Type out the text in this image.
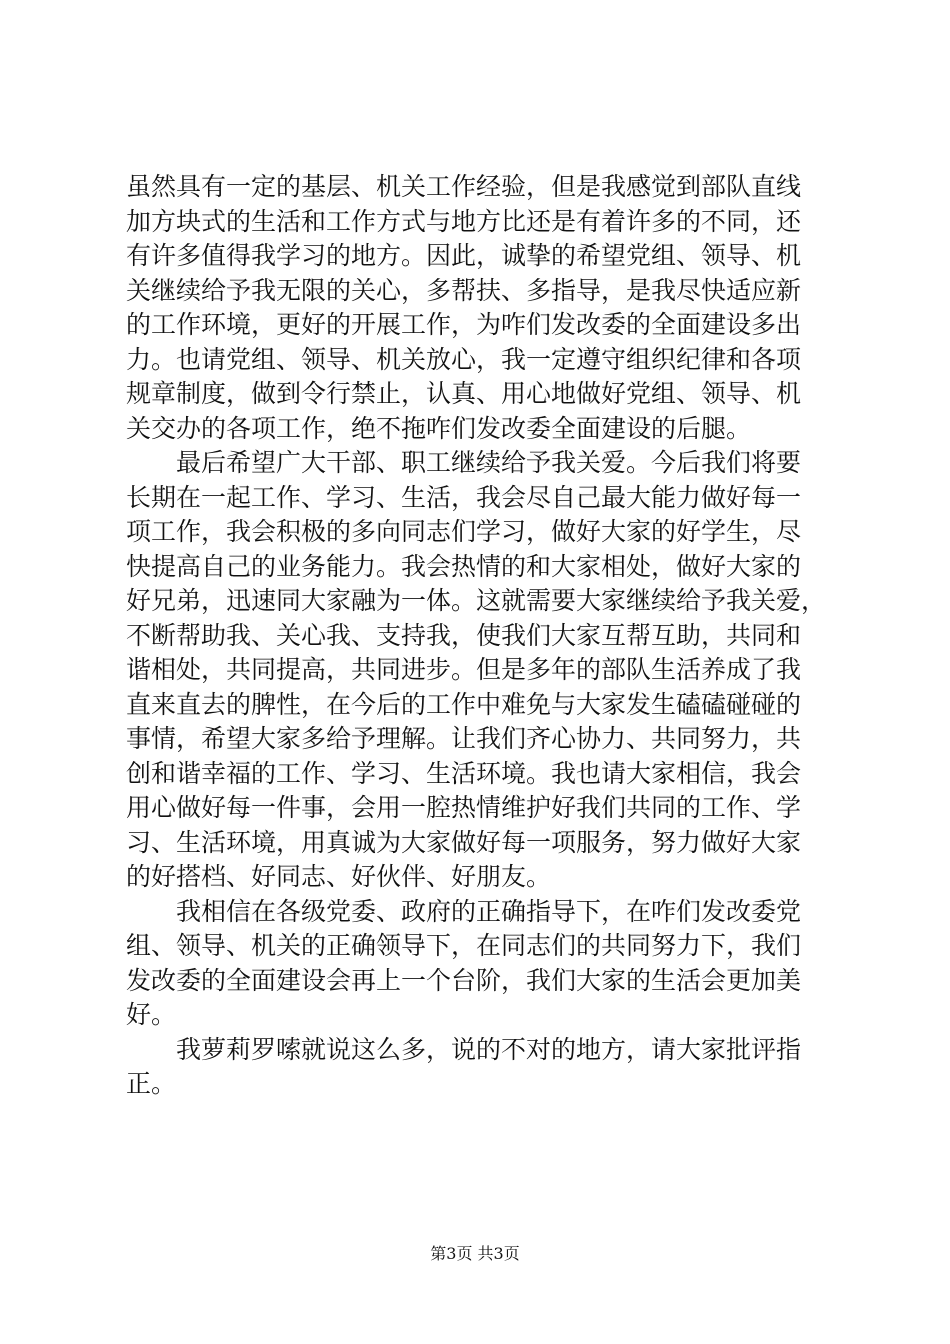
虽然具有一定的基层、机关工作经验，但是我感觉到部队直线
加方块式的生活和工作方式与地方比还是有着许多的不同，还
有许多值得我学习的地方。因此，诚挚的希望党组、领导、机
关继续给予我无限的关心，多帮扶、多指导，是我尽快适应新
的工作环境，更好的开展工作，为咋们发改委的全面建设多出
力。也请党组、领导、机关放心，我一定遵守组织纪律和各项
规章制度，做到令行禁止，认真、用心地做好党组、领导、机
关交办的各项工作，绝不拖咋们发改委全面建设的后腿。
　　最后希望广大干部、职工继续给予我关爱。今后我们将要
长期在一起工作、学习、生活，我会尽自己最大能力做好每一
项工作，我会积极的多向同志们学习，做好大家的好学生，尽
快提高自己的业务能力。我会热情的和大家相处，做好大家的
好兄弟，迅速同大家融为一体。这就需要大家继续给予我关爱，
不断帮助我、关心我、支持我，使我们大家互帮互助，共同和
谐相处，共同提高，共同进步。但是多年的部队生活养成了我
直来直去的脾性，在今后的工作中难免与大家发生磕磕碰碰的
事情，希望大家多给予理解。让我们齐心协力、共同努力，共
创和谐幸福的工作、学习、生活环境。我也请大家相信，我会
用心做好每一件事，会用一腔热情维护好我们共同的工作、学
习、生活环境，用真诚为大家做好每一项服务，努力做好大家
的好搭档、好同志、好伙伴、好朋友。
　　我相信在各级党委、政府的正确指导下，在咋们发改委党
组、领导、机关的正确领导下，在同志们的共同努力下，我们
发改委的全面建设会再上一个台阶，我们大家的生活会更加美
好。
　　我萝莉罗嗦就说这么多，说的不对的地方，请大家批评指
正。
第3页 共3页
